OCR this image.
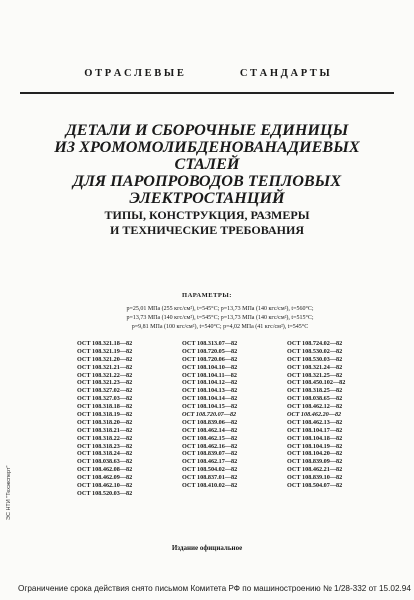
О Т Р А С Л Е В Ы Е	С Т А Н Д А Р Т Ы
ДЕТАЛИ И СБОРОЧНЫЕ ЕДИНИЦЫ
ИЗ ХРОМОМОЛИБДЕНОВАНАДИЕВЫХ СТАЛЕЙ
ДЛЯ ПАРОПРОВОДОВ ТЕПЛОВЫХ
ЭЛЕКТРОСТАНЦИЙ
ТИПЫ, КОНСТРУКЦИЯ, РАЗМЕРЫ
И ТЕХНИЧЕСКИЕ ТРЕБОВАНИЯ
ПАРАМЕТРЫ:
p=25,01 МПа (255 кгс/см²), t=545°С; p=13,73 МПа (140 кгс/см²), t=560°С;
p=13,73 МПа (140 кгс/см²), t=545°С; p=13,73 МПа (140 кгс/см²), t=515°С;
p=9,81 МПа (100 кгс/см²), t=540°С; p=4,02 МПа (41 кгс/см²), t=545°С
ОСТ 108.321.18—82
ОСТ 108.321.19—82
ОСТ 108.321.20—82
ОСТ 108.321.21—82
ОСТ 108.321.22—82
ОСТ 108.321.23—82
ОСТ 108.327.02—82
ОСТ 108.327.03—82
ОСТ 108.318.18—82
ОСТ 108.318.19—82
ОСТ 108.318.20—82
ОСТ 108.318.21—82
ОСТ 108.318.22—82
ОСТ 108.318.23—82
ОСТ 108.318.24—82
ОСТ 108.038.63—82
ОСТ 108.462.08—82
ОСТ 108.462.09—82
ОСТ 108.462.10—82
ОСТ 108.520.03—82
ОСТ 108.313.07—82
ОСТ 108.720.05—82
ОСТ 108.720.06—82
ОСТ 108.104.10—82
ОСТ 108.104.11—82
ОСТ 108.104.12—82
ОСТ 108.104.13—82
ОСТ 108.104.14—82
ОСТ 108.104.15—82
ОСТ 108.720.07—82
ОСТ 108.839.06—82
ОСТ 108.462.14—82
ОСТ 108.462.15—82
ОСТ 108.462.16—82
ОСТ 108.839.07—82
ОСТ 108.462.17—82
ОСТ 108.504.02—82
ОСТ 108.837.01—82
ОСТ 108.410.02—82
ОСТ 108.724.02—82
ОСТ 108.530.02—82
ОСТ 108.530.03—82
ОСТ 108.321.24—82
ОСТ 108.321.25—82
ОСТ 108.450.102—82
ОСТ 108.318.25—82
ОСТ 108.038.65—82
ОСТ 108.462.12—82
ОСТ 108.462.20—82
ОСТ 108.462.13—82
ОСТ 108.104.17—82
ОСТ 108.104.18—82
ОСТ 108.104.19—82
ОСТ 108.104.20—82
ОСТ 108.839.09—82
ОСТ 108.462.21—82
ОСТ 108.839.10—82
ОСТ 108.504.07—82
Издание официальное
Ограничение срока действия снято письмом Комитета РФ по машиностроению № 1/28-332 от 15.02.94
ЭС НТИ "Техэксперт"
